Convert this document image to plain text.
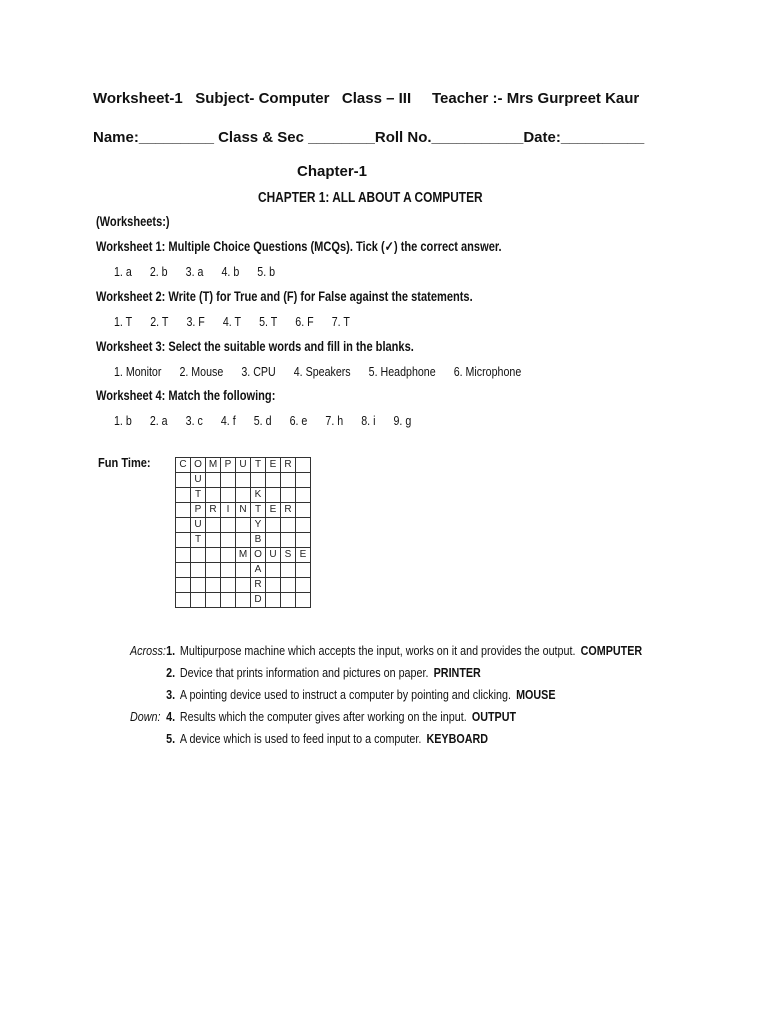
Worksheet-1   Subject- Computer   Class – III     Teacher :- Mrs Gurpreet Kaur
Name:_________ Class & Sec ________Roll No.___________Date:__________
Chapter-1
CHAPTER 1: ALL ABOUT A COMPUTER
(Worksheets:)
Worksheet 1: Multiple Choice Questions (MCQs). Tick (✓) the correct answer.
1. a 2. b 3. a 4. b 5. b
Worksheet 2: Write (T) for True and (F) for False against the statements.
1. T 2. T 3. F 4. T 5. T 6. F 7. T
Worksheet 3: Select the suitable words and fill in the blanks.
1. Monitor 2. Mouse 3. CPU 4. Speakers 5. Headphone 6. Microphone
Worksheet 4: Match the following:
1. b 2. a 3. c 4. f 5. d 6. e 7. h 8. i 9. g
Fun Time:	C	O	M	P	U	T	E	R	
	U							
	T				K			
	P	R	I	N	T	E	R	
	U				Y			
	T				B			
				M	O	U	S	E
					A			
					R			
					D			
Across: 1. Multipurpose machine which accepts the input, works on it and provides the output. COMPUTER
2. Device that prints information and pictures on paper. PRINTER
3. A pointing device used to instruct a computer by pointing and clicking. MOUSE
Down: 4. Results which the computer gives after working on the input. OUTPUT
5. A device which is used to feed input to a computer. KEYBOARD
